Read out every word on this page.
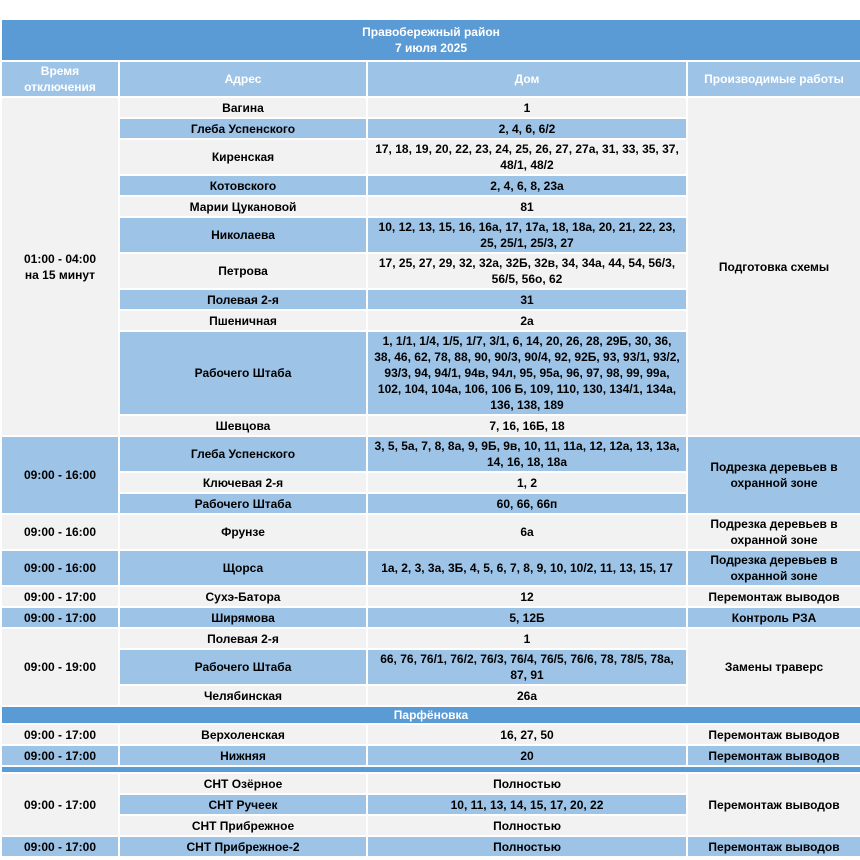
Правобережный район
7 июля 2025			

Время отключения	Адрес	Дом	Производимые работы

01:00 - 04:00
на 15 минут	Вагина	1	Подготовка схемы
	Глеба Успенского	2, 4, 6, 6/2	
	Киренская	17, 18, 19, 20, 22, 23, 24, 25, 26, 27, 27а, 31, 33, 35, 37, 48/1, 48/2	
	Котовского	2, 4, 6, 8, 23а	
	Марии Цукановой	81	
	Николаева	10, 12, 13, 15, 16, 16а, 17, 17а, 18, 18а, 20, 21, 22, 23, 25, 25/1, 25/3, 27	
	Петрова	17, 25, 27, 29, 32, 32а, 32Б, 32в, 34, 34а, 44, 54, 56/3, 56/5, 56о, 62	
	Полевая 2-я	31	
	Пшеничная	2а	
	Рабочего Штаба	1, 1/1, 1/4, 1/5, 1/7, 3/1, 6, 14, 20, 26, 28, 29Б, 30, 36, 38, 46, 62, 78, 88, 90, 90/3, 90/4, 92, 92Б, 93, 93/1, 93/2, 93/3, 94, 94/1, 94в, 94л, 95, 95а, 96, 97, 98, 99, 99а, 102, 104, 104а, 106, 106 Б, 109, 110, 130, 134/1, 134а, 136, 138, 189	
	Шевцова	7, 16, 16Б, 18	
09:00 - 16:00	Глеба Успенского	3, 5, 5а, 7, 8, 8а, 9, 9Б, 9в, 10, 11, 11а, 12, 12а, 13, 13а, 14, 16, 18, 18а	Подрезка деревьев в охранной зоне
	Ключевая 2-я	1, 2	
	Рабочего Штаба	60, 66, 66п	
09:00 - 16:00	Фрунзе	6а	Подрезка деревьев в охранной зоне
09:00 - 16:00	Щорса	1а, 2, 3, 3а, 3Б, 4, 5, 6, 7, 8, 9, 10, 10/2, 11, 13, 15, 17	Подрезка деревьев в охранной зоне
09:00 - 17:00	Сухэ-Батора	12	Перемонтаж выводов
09:00 - 17:00	Ширямова	5, 12Б	Контроль РЗА
09:00 - 19:00	Полевая 2-я	1	Замены траверс
	Рабочего Штаба	66, 76, 76/1, 76/2, 76/3, 76/4, 76/5, 76/6, 78, 78/5, 78а, 87, 91	
	Челябинская	26а	
Парфёновка			
09:00 - 17:00	Верхоленская	16, 27, 50	Перемонтаж выводов
09:00 - 17:00	Нижняя	20	Перемонтаж выводов

09:00 - 17:00	СНТ Озёрное	Полностью	Перемонтаж выводов
	СНТ Ручеек	10, 11, 13, 14, 15, 17, 20, 22	
	СНТ Прибрежное	Полностью	
09:00 - 17:00	СНТ Прибрежное-2	Полностью	Перемонтаж выводов
